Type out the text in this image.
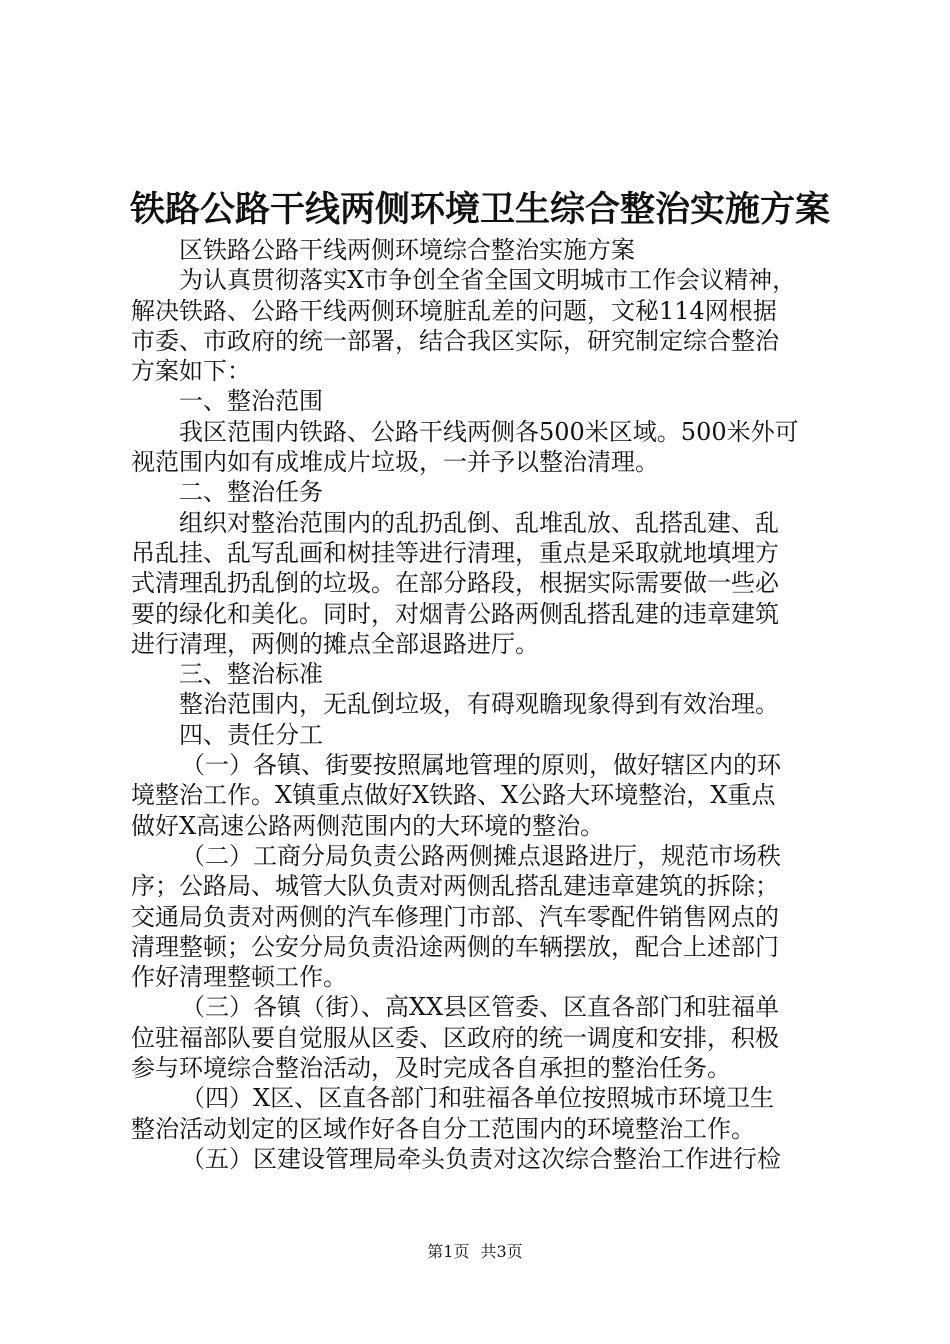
铁路公路干线两侧环境卫生综合整治实施方案
区铁路公路干线两侧环境综合整治实施方案
为认真贯彻落实X市争创全省全国文明城市工作会议精神，
解决铁路、公路干线两侧环境脏乱差的问题，文秘114网根据
市委、市政府的统一部署，结合我区实际，研究制定综合整治
方案如下：
一、整治范围
我区范围内铁路、公路干线两侧各500米区域。500米外可
视范围内如有成堆成片垃圾，一并予以整治清理。
二、整治任务
组织对整治范围内的乱扔乱倒、乱堆乱放、乱搭乱建、乱
吊乱挂、乱写乱画和树挂等进行清理，重点是采取就地填埋方
式清理乱扔乱倒的垃圾。在部分路段，根据实际需要做一些必
要的绿化和美化。同时，对烟青公路两侧乱搭乱建的违章建筑
进行清理，两侧的摊点全部退路进厅。
三、整治标准
整治范围内，无乱倒垃圾，有碍观瞻现象得到有效治理。
四、责任分工
（一）各镇、街要按照属地管理的原则，做好辖区内的环
境整治工作。X镇重点做好X铁路、X公路大环境整治，X重点
做好X高速公路两侧范围内的大环境的整治。
（二）工商分局负责公路两侧摊点退路进厅，规范市场秩
序；公路局、城管大队负责对两侧乱搭乱建违章建筑的拆除；
交通局负责对两侧的汽车修理门市部、汽车零配件销售网点的
清理整顿；公安分局负责沿途两侧的车辆摆放，配合上述部门
作好清理整顿工作。
（三）各镇（街）、高XX县区管委、区直各部门和驻福单
位驻福部队要自觉服从区委、区政府的统一调度和安排，积极
参与环境综合整治活动，及时完成各自承担的整治任务。
（四）X区、区直各部门和驻福各单位按照城市环境卫生
整治活动划定的区域作好各自分工范围内的环境整治工作。
（五）区建设管理局牵头负责对这次综合整治工作进行检
第1页 共3页
